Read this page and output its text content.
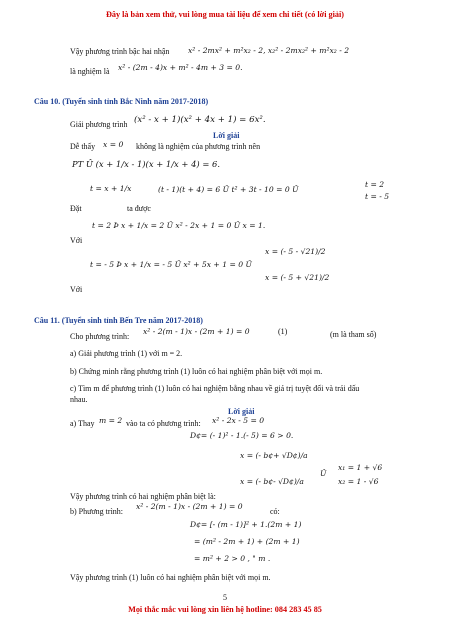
Đây là bản xem thử, vui lòng mua tài liệu để xem chi tiết (có lời giải)
Vậy phương trình bậc hai nhận x² - 2mx² + m²x₂ - 2, x₂² - 2mx₂² + m²x₂ - 2
là nghiệm là x² - (2m - 4)x + m² - 4m + 3 = 0.
Câu 10. (Tuyển sinh tỉnh Bắc Ninh năm 2017-2018)
Giải phương trình (x² - x + 1)(x² + 4x + 1) = 6x².
Lời giải
Dễ thấy x = 0 không là nghiệm của phương trình nên
PT Û (x + 1/x - 1)(x + 1/x + 4) = 6.
t = x + 1/x
Đặt	ta được
(t - 1)(t + 4) = 6 Û t² + 3t - 10 = 0 Û
t = 2
t = - 5
t = 2 Þ x + 1/x = 2 Û x² - 2x + 1 = 0 Û x = 1.
Với
t = - 5 Þ x + 1/x = - 5 Û x² + 5x + 1 = 0 Û
x = (- 5 - √21)/2
x = (- 5 + √21)/2
Với
Câu 11. (Tuyển sinh tỉnh Bến Tre năm 2017-2018)
Cho phương trình:
x² - 2(m - 1)x - (2m + 1) = 0	(1)	(m là tham số)
a) Giải phương trình (1) với m = 2.
b) Chứng minh rằng phương trình (1) luôn có hai nghiệm phân biệt với mọi m.
c) Tìm m để phương trình (1) luôn có hai nghiệm bằng nhau về giá trị tuyệt đối và trái dấu
nhau.
Lời giải
a) Thay m = 2 vào ta có phương trình: x² - 2x - 5 = 0
D¢= (- 1)² - 1.(- 5) = 6 > 0.
x = (- b¢+ √D¢)/a
x = (- b¢- √D¢)/a
Û
x₁ = 1 + √6
x₂ = 1 - √6
Vậy phương trình có hai nghiệm phân biệt là:
b) Phương trình:
x² - 2(m - 1)x - (2m + 1) = 0
có:
D¢= [- (m - 1)]² + 1.(2m + 1)
= (m² - 2m + 1) + (2m + 1)
= m² + 2 > 0 , " m .
Vậy phương trình (1) luôn có hai nghiệm phân biệt với mọi m.
5
Mọi thắc mắc vui lòng xin liên hệ hotline: 084 283 45 85
